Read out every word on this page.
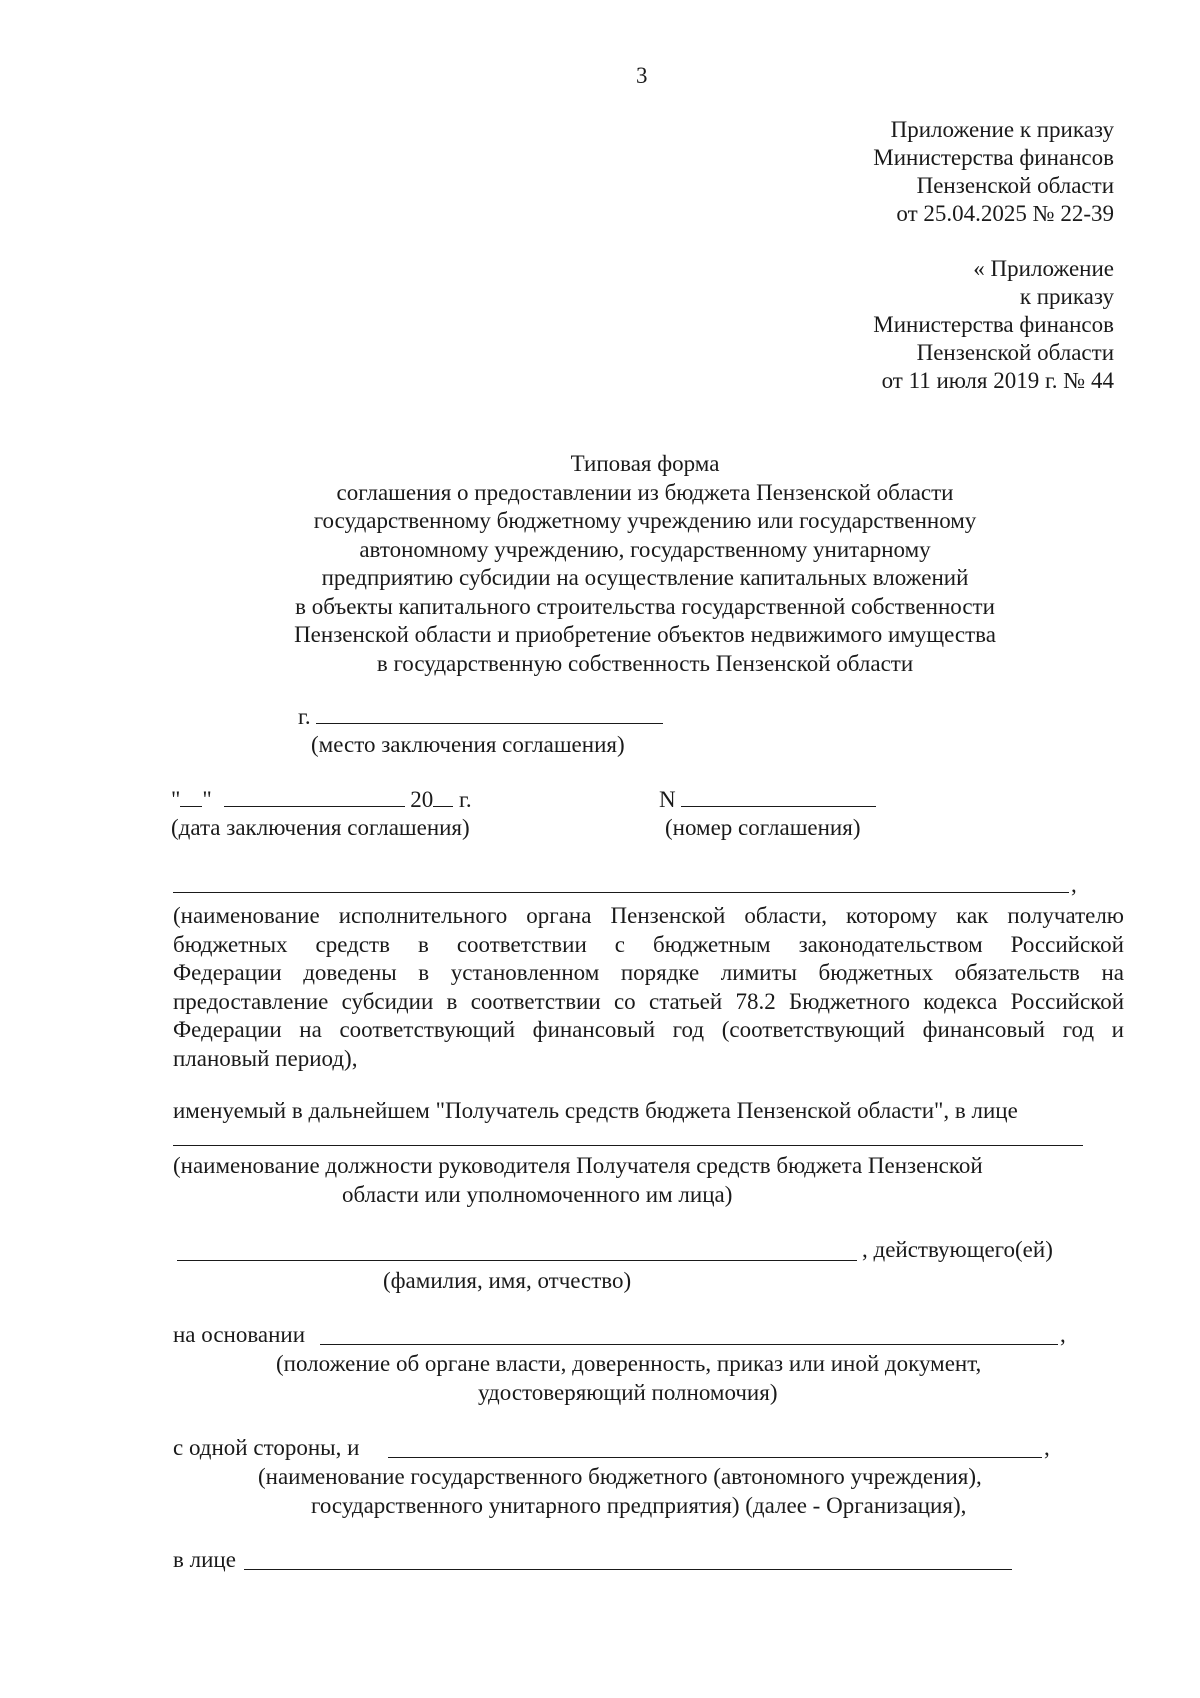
3
Приложение к приказу
Министерства финансов
Пензенской области
от 25.04.2025 № 22-39
« Приложение
к приказу
Министерства финансов
Пензенской области
от 11 июля 2019 г. № 44
Типовая форма
соглашения о предоставлении из бюджета Пензенской области
государственному бюджетному учреждению или государственному
автономному учреждению, государственному унитарному
предприятию субсидии на осуществление капитальных вложений
в объекты капитального строительства государственной собственности
Пензенской области и приобретение объектов недвижимого имущества
в государственную собственность Пензенской области
г.
(место заключения соглашения)
" "	20 г.
(дата заключения соглашения)
N
(номер соглашения)
,
(наименование исполнительного органа Пензенской области, которому как получателю
бюджетных средств в соответствии с бюджетным законодательством Российской
Федерации доведены в установленном порядке лимиты бюджетных обязательств на
предоставление субсидии в соответствии со статьей 78.2 Бюджетного кодекса Российской
Федерации на соответствующий финансовый год (соответствующий финансовый год и
плановый период),
именуемый в дальнейшем "Получатель средств бюджета Пензенской области", в лице
(наименование должности руководителя Получателя средств бюджета Пензенской
области или уполномоченного им лица)
, действующего(ей)
(фамилия, имя, отчество)
на основании	,
(положение об органе власти, доверенность, приказ или иной документ,
удостоверяющий полномочия)
с одной стороны, и	,
(наименование государственного бюджетного (автономного учреждения),
государственного унитарного предприятия) (далее - Организация),
в лице
